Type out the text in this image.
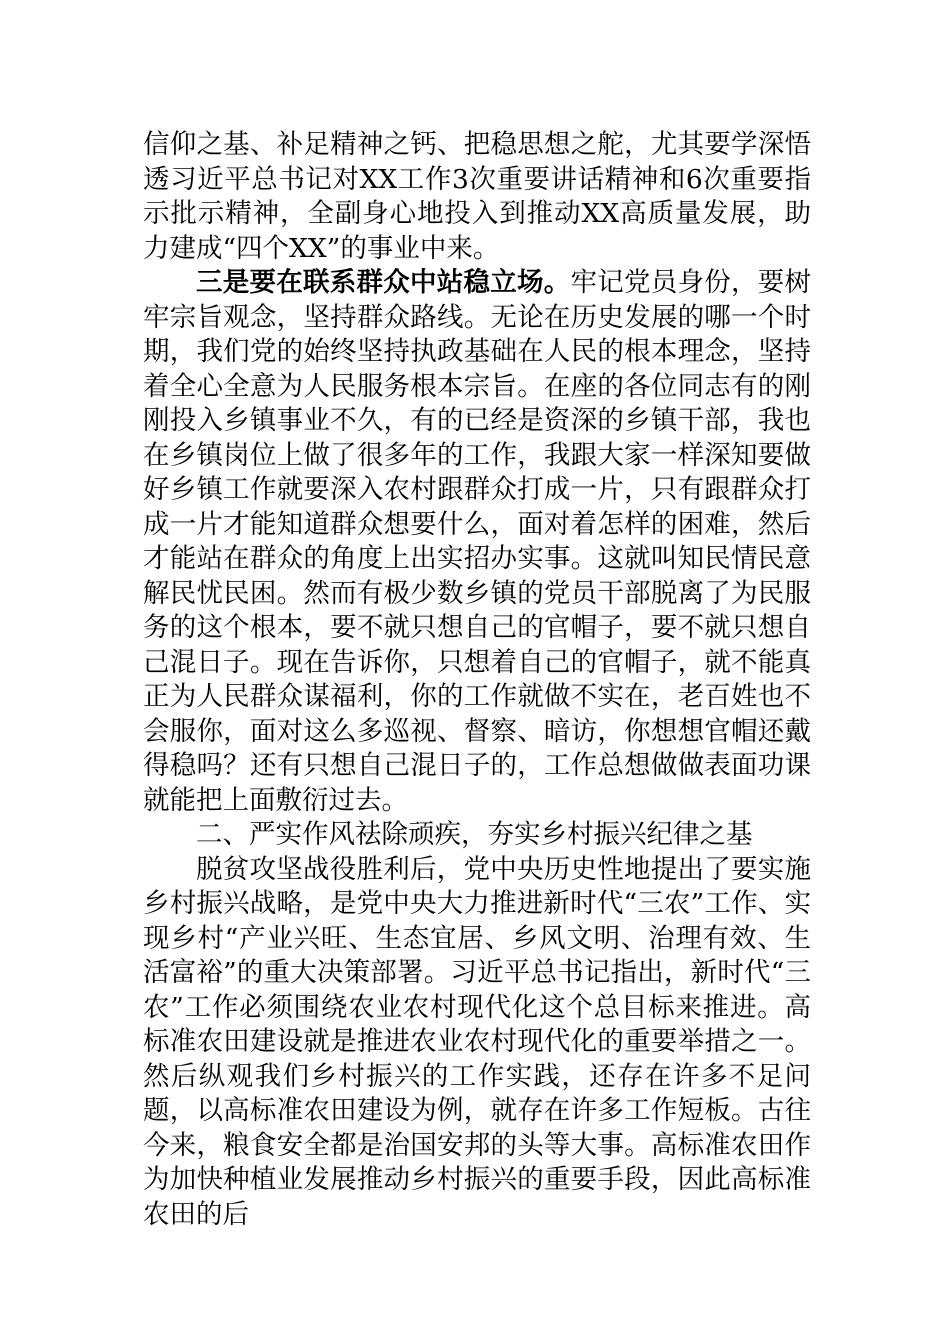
信仰之基、补足精神之钙、把稳思想之舵，尤其要学深悟透习近平总书记对XX工作3次重要讲话精神和6次重要指示批示精神，全副身心地投入到推动XX高质量发展，助力建成“四个XX”的事业中来。

三是要在联系群众中站稳立场。牢记党员身份，要树牢宗旨观念，坚持群众路线。无论在历史发展的哪一个时期，我们党的始终坚持执政基础在人民的根本理念，坚持着全心全意为人民服务根本宗旨。在座的各位同志有的刚刚投入乡镇事业不久，有的已经是资深的乡镇干部，我也在乡镇岗位上做了很多年的工作，我跟大家一样深知要做好乡镇工作就要深入农村跟群众打成一片，只有跟群众打成一片才能知道群众想要什么，面对着怎样的困难，然后才能站在群众的角度上出实招办实事。这就叫知民情民意解民忧民困。然而有极少数乡镇的党员干部脱离了为民服务的这个根本，要不就只想自己的官帽子，要不就只想自己混日子。现在告诉你，只想着自己的官帽子，就不能真正为人民群众谋福利，你的工作就做不实在，老百姓也不会服你，面对这么多巡视、督察、暗访，你想想官帽还戴得稳吗？还有只想自己混日子的，工作总想做做表面功课就能把上面敷衍过去。

二、严实作风祛除顽疾，夯实乡村振兴纪律之基

脱贫攻坚战役胜利后，党中央历史性地提出了要实施乡村振兴战略，是党中央大力推进新时代“三农”工作、实现乡村“产业兴旺、生态宜居、乡风文明、治理有效、生活富裕”的重大决策部署。习近平总书记指出，新时代“三农”工作必须围绕农业农村现代化这个总目标来推进。高标准农田建设就是推进农业农村现代化的重要举措之一。然后纵观我们乡村振兴的工作实践，还存在许多不足问题，以高标准农田建设为例，就存在许多工作短板。古往今来，粮食安全都是治国安邦的头等大事。高标准农田作为加快种植业发展推动乡村振兴的重要手段，因此高标准农田的后
